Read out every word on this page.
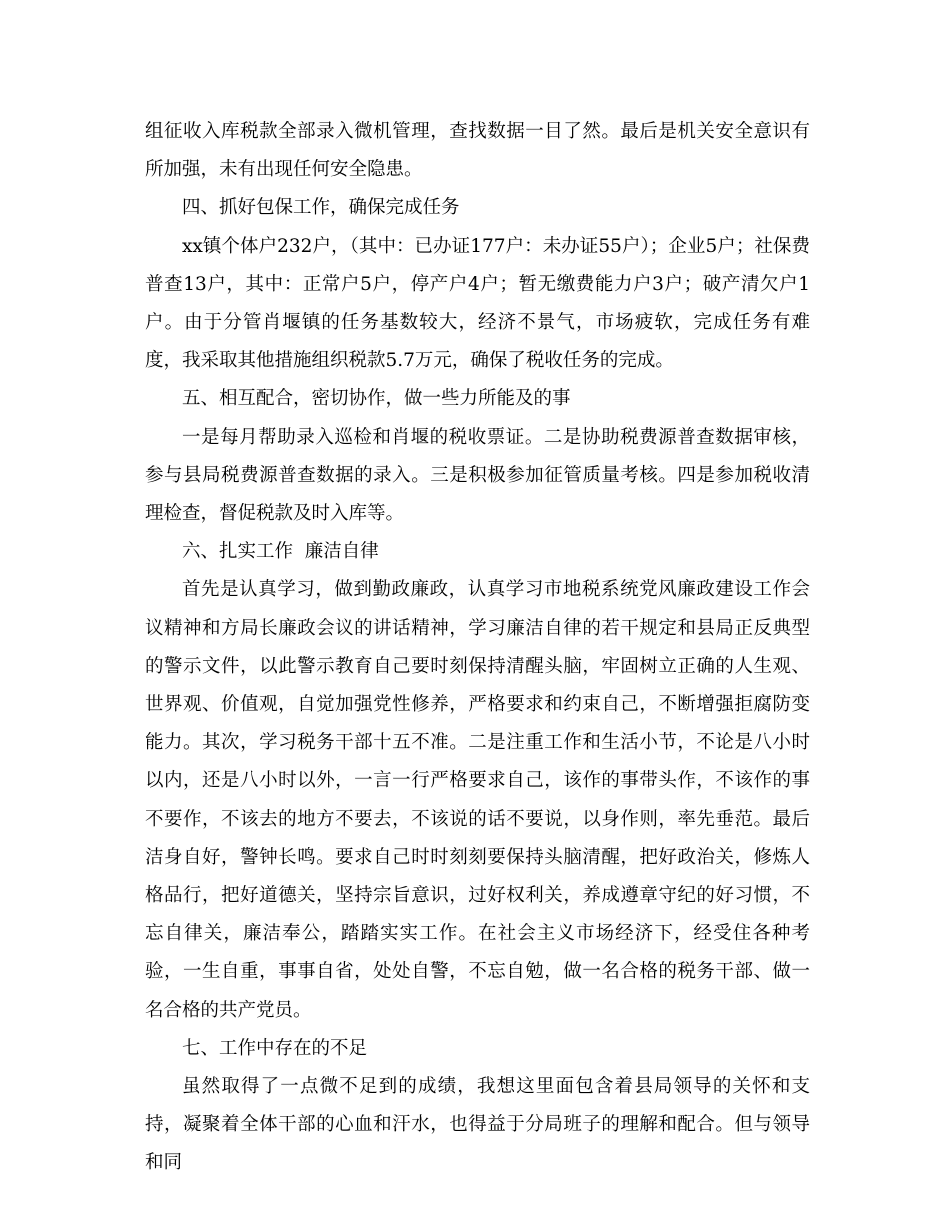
组征收入库税款全部录入微机管理，查找数据一目了然。最后是机关安全意识有所加强，未有出现任何安全隐患。

四、抓好包保工作，确保完成任务

xx镇个体户232户，（其中：已办证177户：未办证55户）；企业5户；社保费普查13户，其中：正常户5户，停产户4户；暂无缴费能力户3户；破产清欠户1户。由于分管肖堰镇的任务基数较大，经济不景气，市场疲软，完成任务有难度，我采取其他措施组织税款5.7万元，确保了税收任务的完成。

五、相互配合，密切协作，做一些力所能及的事

一是每月帮助录入巡检和肖堰的税收票证。二是协助税费源普查数据审核，参与县局税费源普查数据的录入。三是积极参加征管质量考核。四是参加税收清理检查，督促税款及时入库等。

六、扎实工作  廉洁自律

首先是认真学习，做到勤政廉政，认真学习市地税系统党风廉政建设工作会议精神和方局长廉政会议的讲话精神，学习廉洁自律的若干规定和县局正反典型的警示文件，以此警示教育自己要时刻保持清醒头脑，牢固树立正确的人生观、世界观、价值观，自觉加强党性修养，严格要求和约束自己，不断增强拒腐防变能力。其次，学习税务干部十五不准。二是注重工作和生活小节，不论是八小时以内，还是八小时以外，一言一行严格要求自己，该作的事带头作，不该作的事不要作，不该去的地方不要去，不该说的话不要说，以身作则，率先垂范。最后洁身自好，警钟长鸣。要求自己时时刻刻要保持头脑清醒，把好政治关，修炼人格品行，把好道德关，坚持宗旨意识，过好权利关，养成遵章守纪的好习惯，不忘自律关，廉洁奉公，踏踏实实工作。在社会主义市场经济下，经受住各种考验，一生自重，事事自省，处处自警，不忘自勉，做一名合格的税务干部、做一名合格的共产党员。

七、工作中存在的不足

虽然取得了一点微不足到的成绩，我想这里面包含着县局领导的关怀和支持，凝聚着全体干部的心血和汗水，也得益于分局班子的理解和配合。但与领导和同
